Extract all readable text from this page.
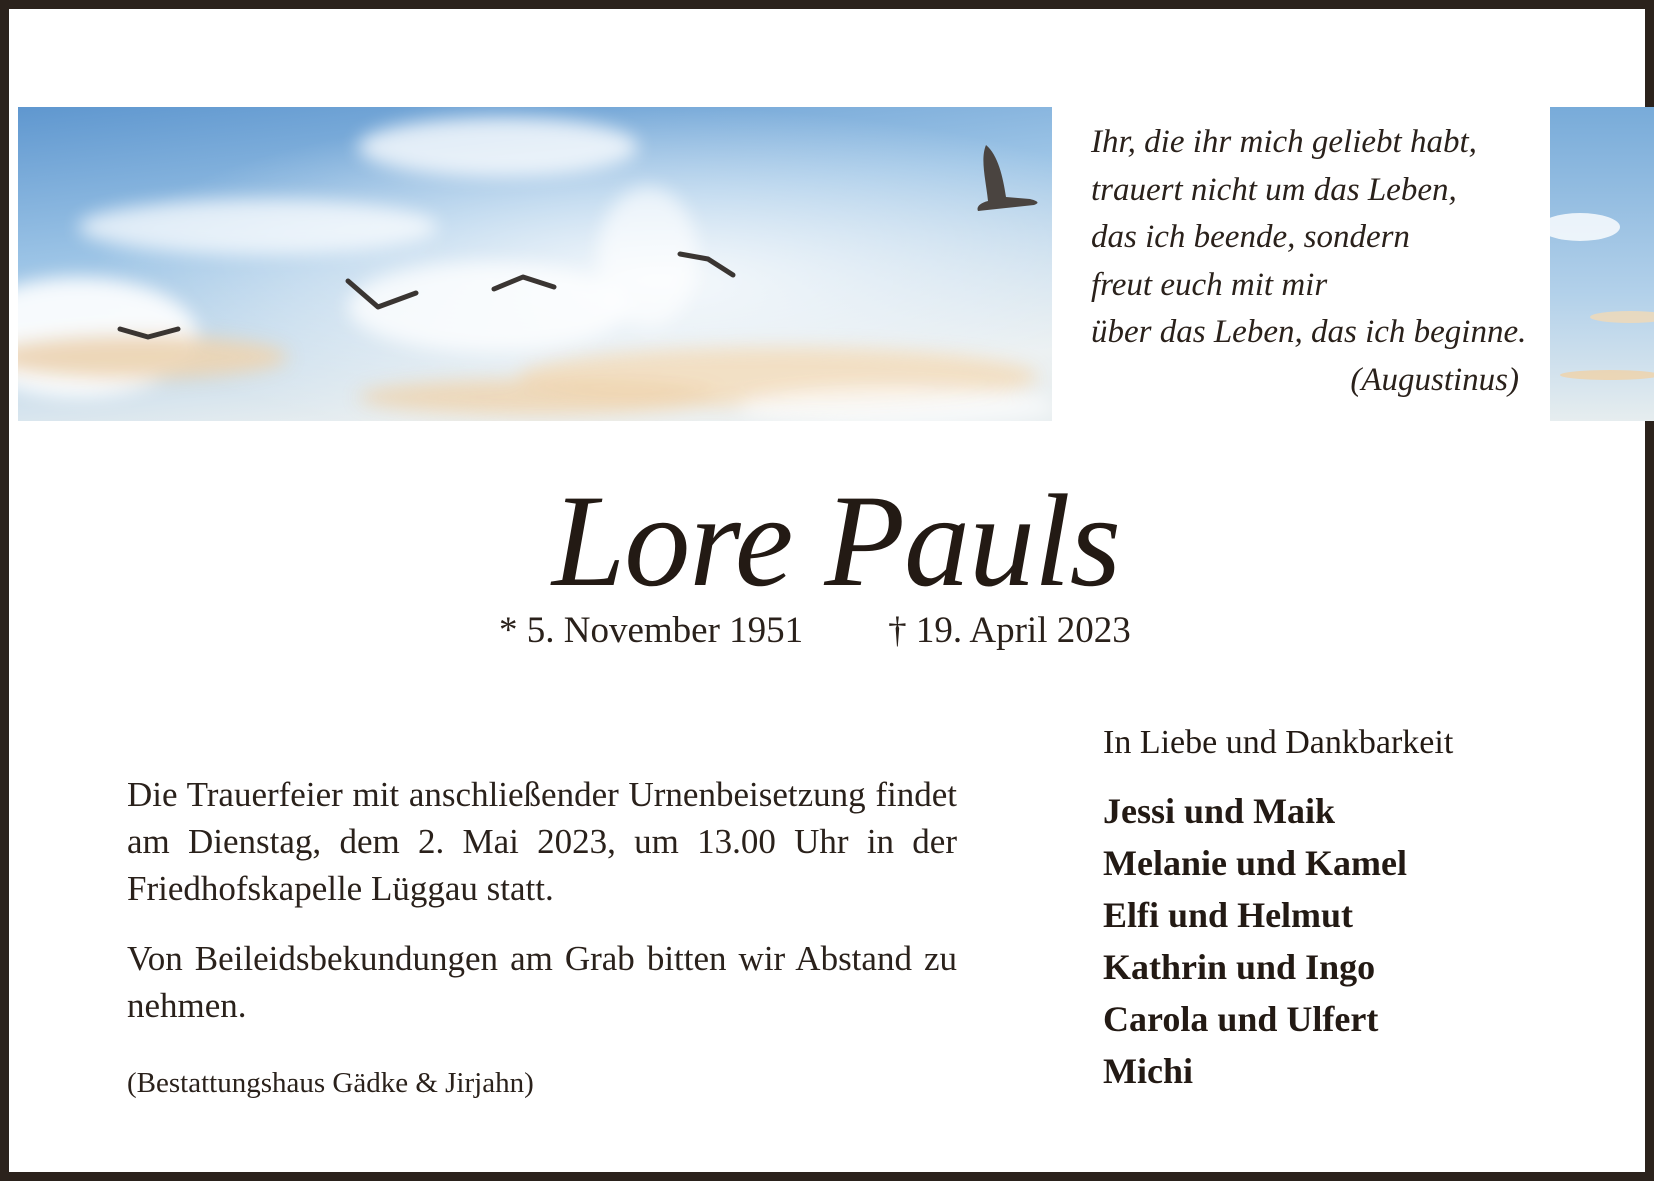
Ihr, die ihr mich geliebt habt,
trauert nicht um das Leben,
das ich beende, sondern
freut euch mit mir
über das Leben, das ich beginne.
(Augustinus)
Lore Pauls
* 5. November 1951 † 19. April 2023

Die Trauerfeier mit anschließender Urnenbeisetzung findet am Dienstag, dem 2. Mai 2023, um 13.00 Uhr in der Friedhofskapelle Lüggau statt.

Von Beileidsbekundungen am Grab bitten wir Abstand zu nehmen.

(Bestattungshaus Gädke & Jirjahn)
In Liebe und Dankbarkeit
Jessi und Maik
Melanie und Kamel
Elfi und Helmut
Kathrin und Ingo
Carola und Ulfert
Michi
